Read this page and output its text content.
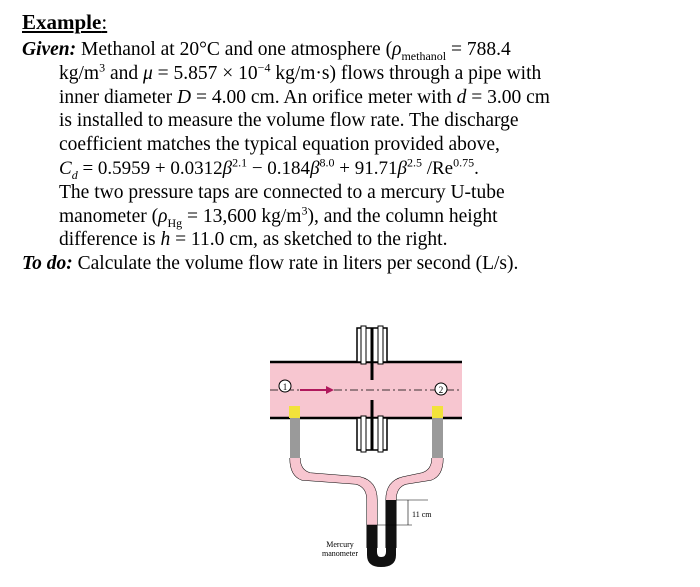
Example:
Given: Methanol at 20°C and one atmosphere ($\rho_{methanol} = 788.4$
$kg/m^3$ and $\mu = 5.857 \times 10^{-4}$ kg/m·s) flows through a pipe with
inner diameter D = 4.00 cm. An orifice meter with d = 3.00 cm
is installed to measure the volume flow rate. The discharge
coefficient matches the typical equation provided above,
$C_d = 0.5959 + 0.0312\beta^{2.1} - 0.184\beta^{8.0} + 91.71\beta^{2.5}$ $/Re^{0.75}$.
The two pressure taps are connected to a mercury U-tube
manometer ($\rho_{Hg} = 13,600$ $kg/m^3$), and the column height
difference is h = 11.0 cm, as sketched to the right.
To do: Calculate the volume flow rate in liters per second (L/s).
1	2
11 cm
Mercury
manometer
